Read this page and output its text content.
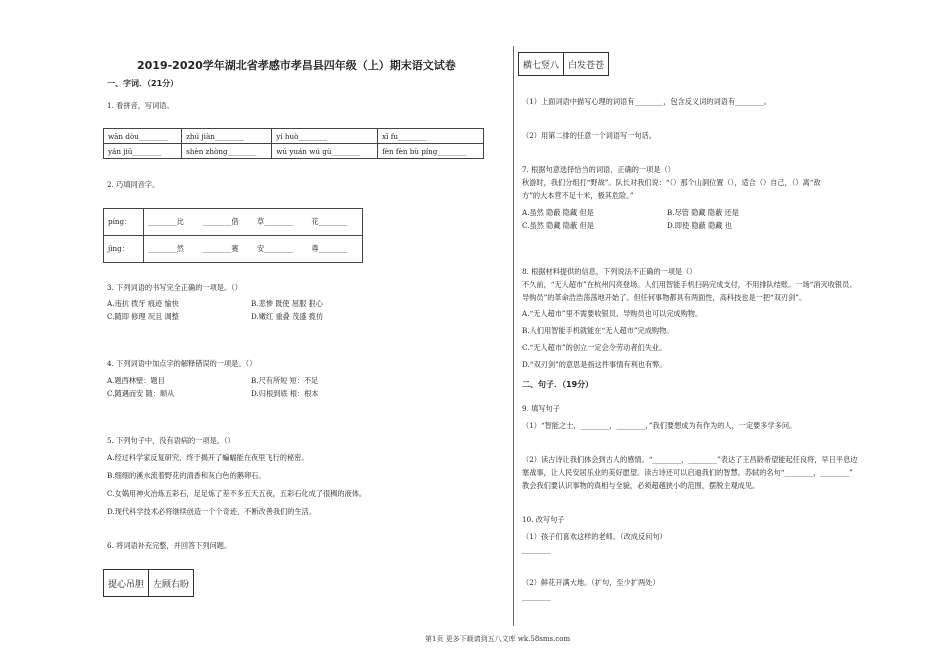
2019-2020学年湖北省孝感市孝昌县四年级（上）期末语文试卷
一、字词．（21分）
1. 看拼音，写词语。
wān dòu________	zhú jiàn________	yí huò________	xī fu________
yán jiū________	shèn zhòng________	wú yuán wú gù________	fèn fèn bù píng________
2. 巧填同音字。
pínɡ：	________比	________借	草________	花________
jìnɡ：	________然	________赛	安________	尊________
3. 下列词语的书写完全正确的一项是。（）
A.违抗 拨牙 痕迹 愉快	B.悲惨 既使 屈服 狠心
C.随即 修理 况且 调整	D.嫩红 重叠 茂盛 揽仿
4. 下列词语中加点字的解释错误的一项是。（）
A.题西林壁：题目	B.尺有所短 短：不足
C.随遇而安 随：顺从	D.归根到底 根：根本
5. 下列句子中，没有语病的一项是。（）
A.经过科学家反复研究，终于揭开了蝙蝠能在夜里飞行的秘密。
B.细细的溪水流着野花的清香和灰白色的鹅卵石。
C.女娲用神火冶炼五彩石，足足炼了差不多五天五夜，五彩石化成了很稠的液体。
D.现代科学技术必将继续创造一个个奇迹，不断改善我们的生活。
6. 将词语补充完整，并回答下列问题。
提心吊胆	左顾右盼
横七竖八	白发苍苍
（1）上面词语中描写心理的词语有________，包含反义词的词语有________。
（2）用第二排的任意一个词语写一句话。
7. 根据句意选择恰当的词语，正确的一项是（）
秋游时，我们分组打“野战”。队长对我们说：“（）那个山洞位置（），适合（）自己，（）离“敌
方”的大本营不足十米，极其危险。”
A.虽然 隐蔽 隐藏 但是	B.尽管 隐藏 隐蔽 还是
C.虽然 隐藏 隐蔽 但是	D.即使 隐蔽 隐藏 也
8. 根据材料提供的信息，下列说法不正确的一项是（）
不久前，“无人超市”在杭州闪亮登场。人们用智能手机扫码完成支付，不用排队结账。一场“消灭收银员、
导购员”的革命浩浩荡荡地开始了。但任何事物都具有两面性，高科技也是一把“双刃剑”。
A.“无人超市”里不需要收银员、导购员也可以完成购物。
B.人们用智能手机就能在“无人超市”完成购物。
C.“无人超市”的创立一定会令劳动者们失业。
D.“双刃剑”的意思是指这件事情有利也有弊。
二、句子．（19分）
9. 填写句子
（1）“智能之士，________，________，”我们要想成为有作为的人，一定要多学多问。
（2）读古诗让我们体会到古人的感情。“________，________”表达了王昌龄希望能起任良将，早日平息边
塞战事，让人民安居乐业的美好愿望。读古诗还可以启迪我们的智慧。苏轼的名句“________，________”
教会我们要认识事物的真相与全貌，必须超越狭小的范围，摆脱主观成见。
10. 改写句子
（1）孩子们喜欢这样的老师。（改成反问句）
________
（2）鲜花开满大地。（扩句，至少扩两处）
________
第1页 更多下载请到五八文库 wk.58sms.com
